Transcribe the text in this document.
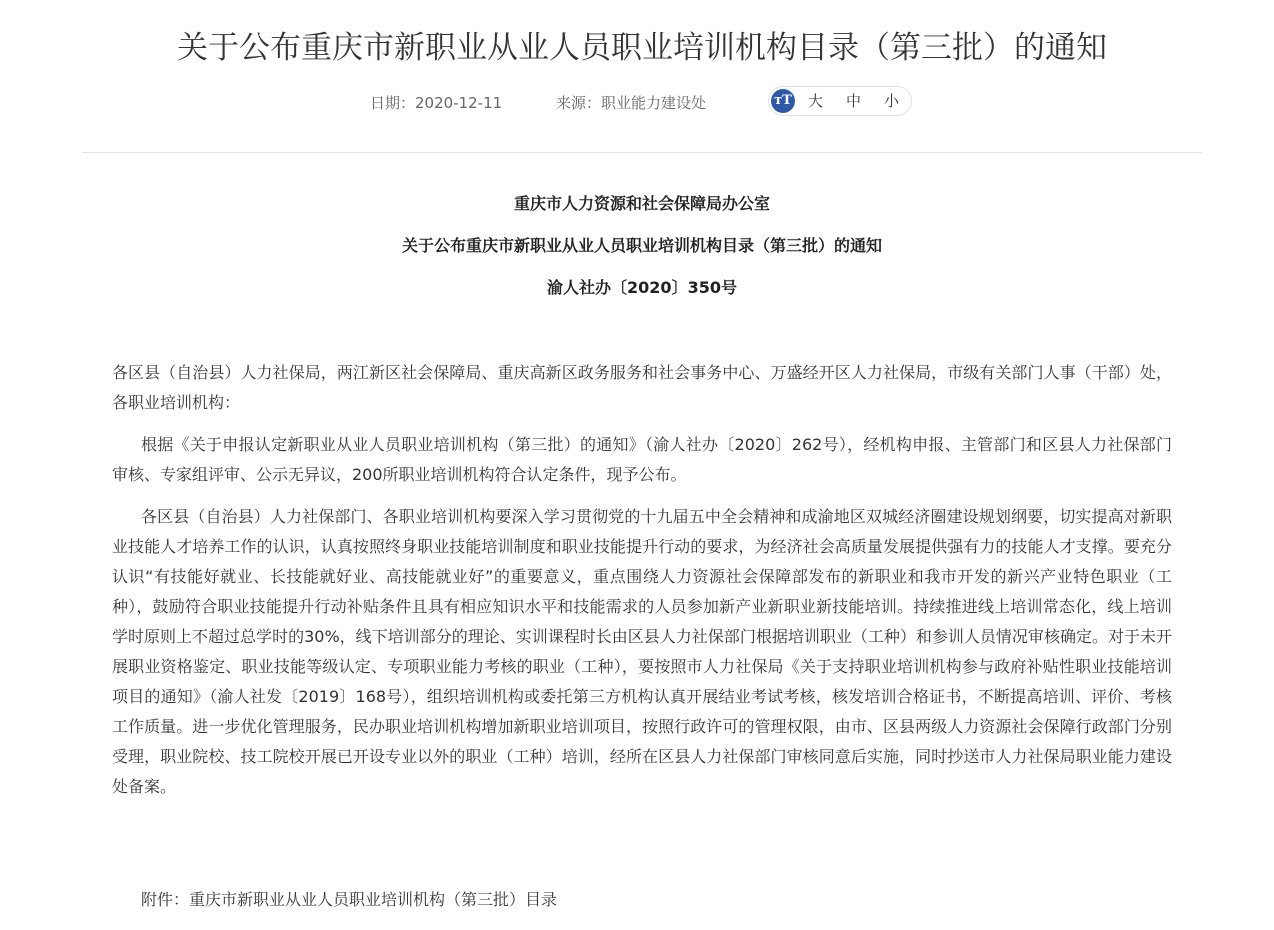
关于公布重庆市新职业从业人员职业培训机构目录（第三批）的通知
日期：2020-12-11	来源：职业能力建设处	тT 大 中 小
重庆市人力资源和社会保障局办公室
关于公布重庆市新职业从业人员职业培训机构目录（第三批）的通知
渝人社办〔2020〕350号

各区县（自治县）人力社保局，两江新区社会保障局、重庆高新区政务服务和社会事务中心、万盛经开区人力社保局，市级有关部门人事（干部）处，各职业培训机构：

根据《关于申报认定新职业从业人员职业培训机构（第三批）的通知》（渝人社办〔2020〕262号），经机构申报、主管部门和区县人力社保部门审核、专家组评审、公示无异议，200所职业培训机构符合认定条件，现予公布。

各区县（自治县）人力社保部门、各职业培训机构要深入学习贯彻党的十九届五中全会精神和成渝地区双城经济圈建设规划纲要，切实提高对新职业技能人才培养工作的认识，认真按照终身职业技能培训制度和职业技能提升行动的要求，为经济社会高质量发展提供强有力的技能人才支撑。要充分认识“有技能好就业、长技能就好业、高技能就业好”的重要意义，重点围绕人力资源社会保障部发布的新职业和我市开发的新兴产业特色职业（工种），鼓励符合职业技能提升行动补贴条件且具有相应知识水平和技能需求的人员参加新产业新职业新技能培训。持续推进线上培训常态化，线上培训学时原则上不超过总学时的30%，线下培训部分的理论、实训课程时长由区县人力社保部门根据培训职业（工种）和参训人员情况审核确定。对于未开展职业资格鉴定、职业技能等级认定、专项职业能力考核的职业（工种），要按照市人力社保局《关于支持职业培训机构参与政府补贴性职业技能培训项目的通知》（渝人社发〔2019〕168号），组织培训机构或委托第三方机构认真开展结业考试考核，核发培训合格证书，不断提高培训、评价、考核工作质量。进一步优化管理服务，民办职业培训机构增加新职业培训项目，按照行政许可的管理权限，由市、区县两级人力资源社会保障行政部门分别受理，职业院校、技工院校开展已开设专业以外的职业（工种）培训，经所在区县人力社保部门审核同意后实施，同时抄送市人力社保局职业能力建设处备案。

附件：重庆市新职业从业人员职业培训机构（第三批）目录
